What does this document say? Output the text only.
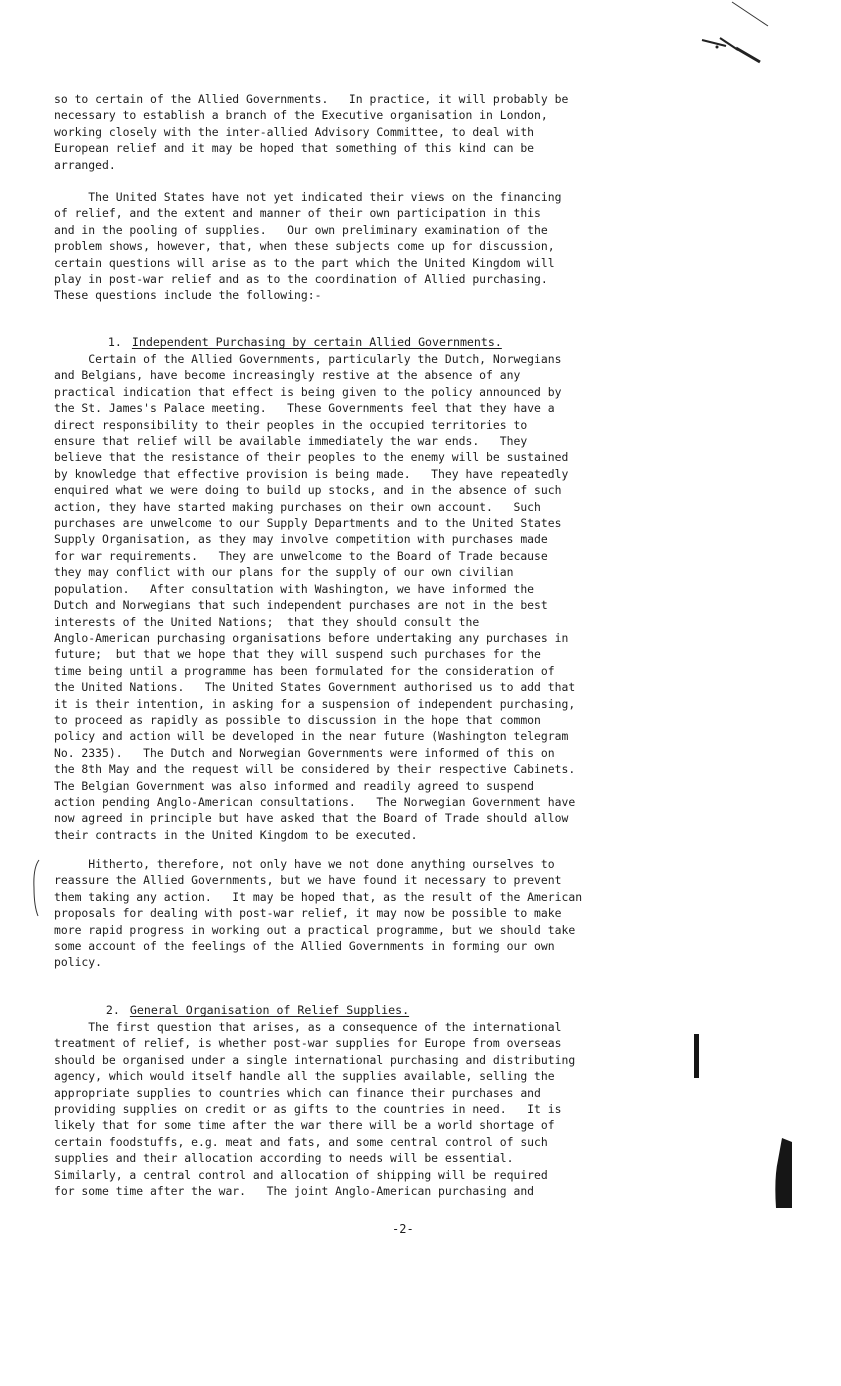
so to certain of the Allied Governments.   In practice, it will probably be
necessary to establish a branch of the Executive organisation in London,
working closely with the inter-allied Advisory Committee, to deal with
European relief and it may be hoped that something of this kind can be
arranged.
The United States have not yet indicated their views on the financing
of relief, and the extent and manner of their own participation in this
and in the pooling of supplies.   Our own preliminary examination of the
problem shows, however, that, when these subjects come up for discussion,
certain questions will arise as to the part which the United Kingdom will
play in post-war relief and as to the coordination of Allied purchasing.
These questions include the following:-

1. Independent Purchasing by certain Allied Governments.

Certain of the Allied Governments, particularly the Dutch, Norwegians
and Belgians, have become increasingly restive at the absence of any
practical indication that effect is being given to the policy announced by
the St. James's Palace meeting.   These Governments feel that they have a
direct responsibility to their peoples in the occupied territories to
ensure that relief will be available immediately the war ends.   They
believe that the resistance of their peoples to the enemy will be sustained
by knowledge that effective provision is being made.   They have repeatedly
enquired what we were doing to build up stocks, and in the absence of such
action, they have started making purchases on their own account.   Such
purchases are unwelcome to our Supply Departments and to the United States
Supply Organisation, as they may involve competition with purchases made
for war requirements.   They are unwelcome to the Board of Trade because
they may conflict with our plans for the supply of our own civilian
population.   After consultation with Washington, we have informed the
Dutch and Norwegians that such independent purchases are not in the best
interests of the United Nations;  that they should consult the
Anglo-American purchasing organisations before undertaking any purchases in
future;  but that we hope that they will suspend such purchases for the
time being until a programme has been formulated for the consideration of
the United Nations.   The United States Government authorised us to add that
it is their intention, in asking for a suspension of independent purchasing,
to proceed as rapidly as possible to discussion in the hope that common
policy and action will be developed in the near future (Washington telegram
No. 2335).   The Dutch and Norwegian Governments were informed of this on
the 8th May and the request will be considered by their respective Cabinets.
The Belgian Government was also informed and readily agreed to suspend
action pending Anglo-American consultations.   The Norwegian Government have
now agreed in principle but have asked that the Board of Trade should allow
their contracts in the United Kingdom to be executed.
Hitherto, therefore, not only have we not done anything ourselves to
reassure the Allied Governments, but we have found it necessary to prevent
them taking any action.   It may be hoped that, as the result of the American
proposals for dealing with post-war relief, it may now be possible to make
more rapid progress in working out a practical programme, but we should take
some account of the feelings of the Allied Governments in forming our own
policy.

2. General Organisation of Relief Supplies.

The first question that arises, as a consequence of the international
treatment of relief, is whether post-war supplies for Europe from overseas
should be organised under a single international purchasing and distributing
agency, which would itself handle all the supplies available, selling the
appropriate supplies to countries which can finance their purchases and
providing supplies on credit or as gifts to the countries in need.   It is
likely that for some time after the war there will be a world shortage of
certain foodstuffs, e.g. meat and fats, and some central control of such
supplies and their allocation according to needs will be essential.
Similarly, a central control and allocation of shipping will be required
for some time after the war.   The joint Anglo-American purchasing and
-2-
